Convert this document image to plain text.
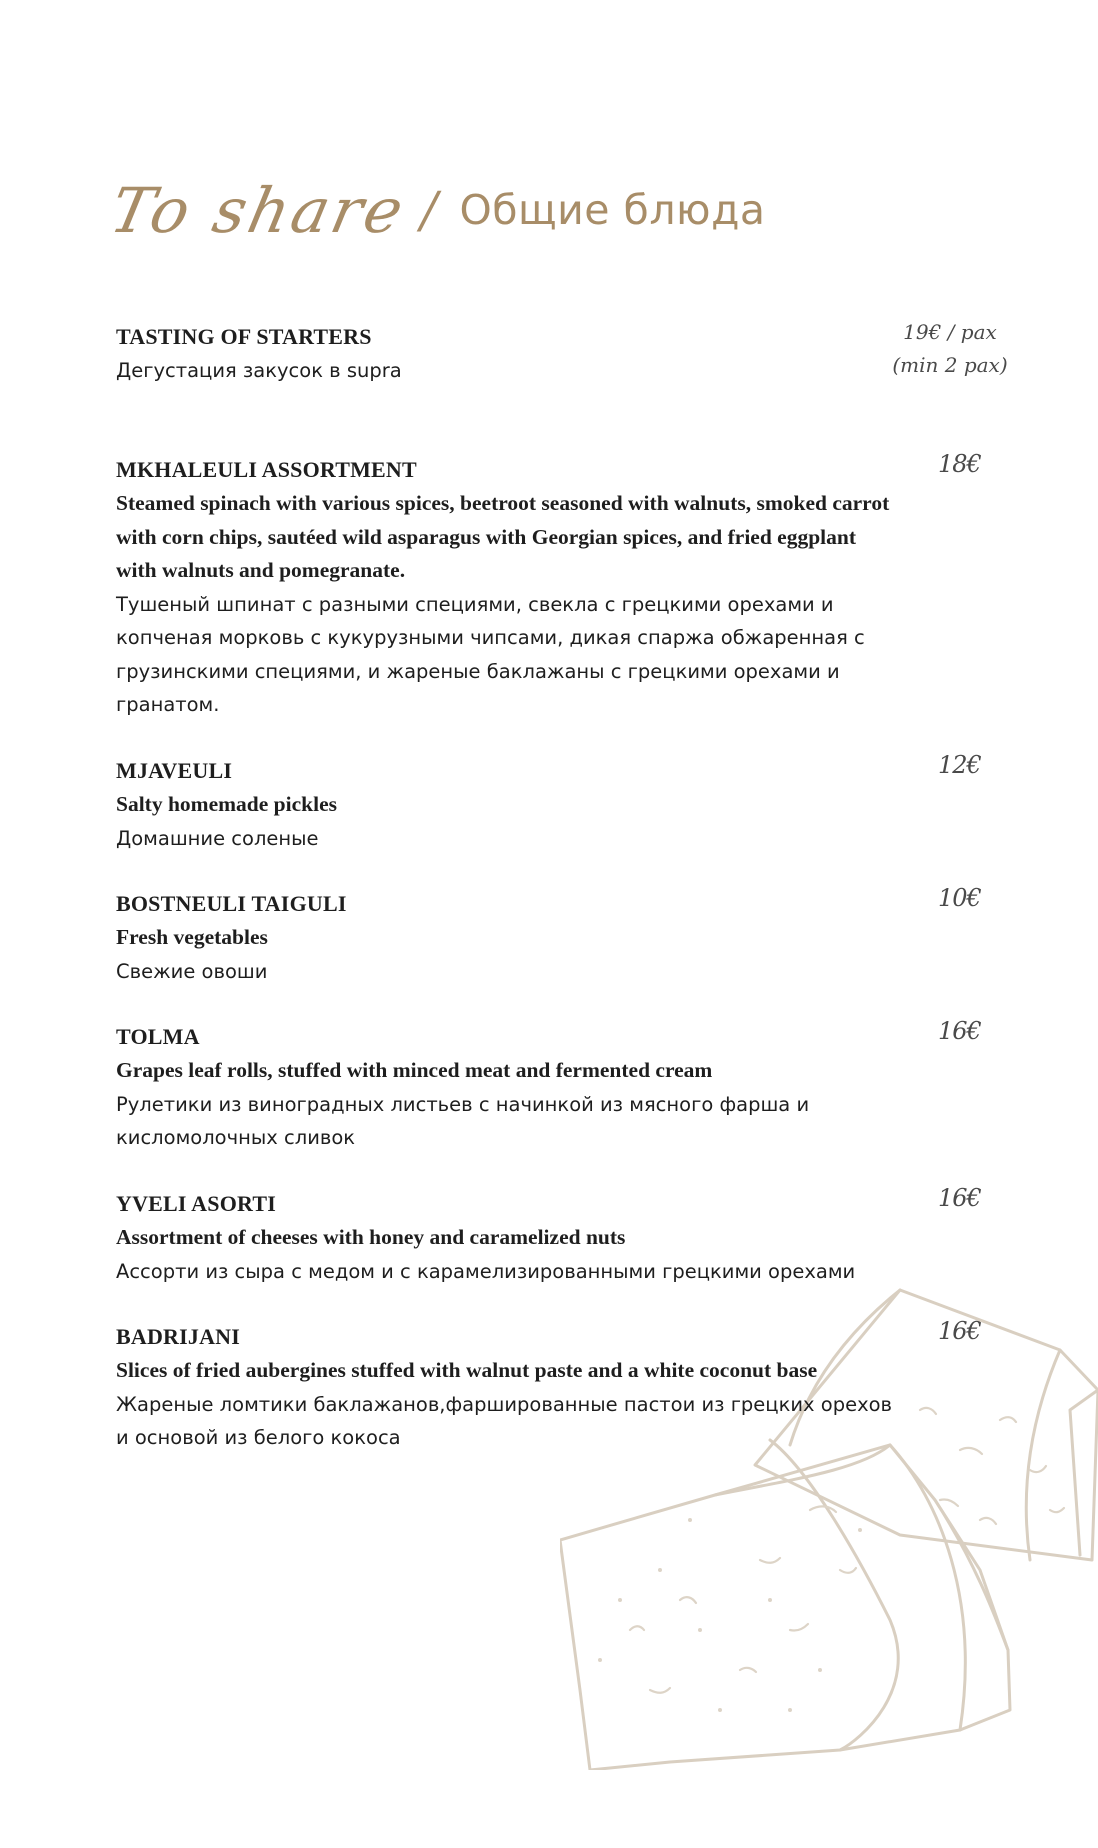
To share / Общие блюда
TASTING OF STARTERS
Дегустация закусок в supra
19€ / pax
(min 2 pax)
MKHALEULI ASSORTMENT
Steamed spinach with various spices, beetroot seasoned with walnuts, smoked carrot with corn chips, sautéed wild asparagus with Georgian spices, and fried eggplant with walnuts and pomegranate.
Тушеный шпинат с разными специями, свекла с грецкими орехами и копченая морковь с кукурузными чипсами, дикая спаржа обжаренная с грузинскими специями, и жареные баклажаны с грецкими орехами и гранатом.
18€
MJAVEULI
Salty homemade pickles
Домашние соленые
12€
BOSTNEULI TAIGULI
Fresh vegetables
Свежие овоши
10€
TOLMA
Grapes leaf rolls, stuffed with minced meat and fermented cream
Рулетики из виноградных листьев с начинкой из мясного фарша и кисломолочных сливок
16€
YVELI ASORTI
Assortment of cheeses with honey and caramelized nuts
Ассорти из сыра с медом и с карамелизированными грецкими орехами
16€
BADRIJANI
Slices of fried aubergines stuffed with walnut paste and a white coconut base
Жареные ломтики баклажанов,фаршированные пастои из грецких орехов и основой из белого кокоса
16€
